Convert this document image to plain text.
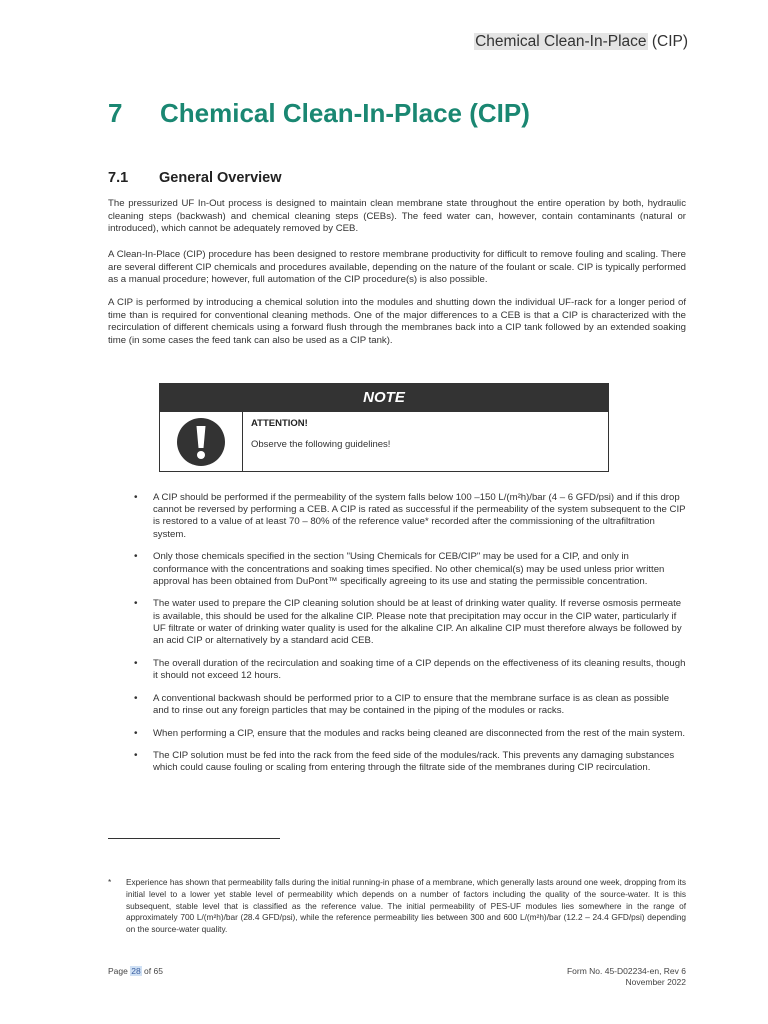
Chemical Clean-In-Place (CIP)
7	Chemical Clean-In-Place (CIP)
7.1	General Overview

The pressurized UF In-Out process is designed to maintain clean membrane state throughout the entire operation by both, hydraulic cleaning steps (backwash) and chemical cleaning steps (CEBs). The feed water can, however, contain contaminants (natural or introduced), which cannot be adequately removed by CEB.

A Clean-In-Place (CIP) procedure has been designed to restore membrane productivity for difficult to remove fouling and scaling. There are several different CIP chemicals and procedures available, depending on the nature of the foulant or scale. CIP is typically performed as a manual procedure; however, full automation of the CIP procedure(s) is also possible.

A CIP is performed by introducing a chemical solution into the modules and shutting down the individual UF-rack for a longer period of time than is required for conventional cleaning methods. One of the major differences to a CEB is that a CIP is characterized with the recirculation of different chemicals using a forward flush through the membranes back into a CIP tank followed by an extended soaking time (in some cases the feed tank can also be used as a CIP tank).

NOTE
ATTENTION!
Observe the following guidelines!
• A CIP should be performed if the permeability of the system falls below 100 –150 L/(m²h)/bar (4 – 6 GFD/psi) and if this drop cannot be reversed by performing a CEB. A CIP is rated as successful if the permeability of the system subsequent to the CIP is restored to a value of at least 70 – 80% of the reference value* recorded after the commissioning of the ultrafiltration system.
• Only those chemicals specified in the section "Using Chemicals for CEB/CIP" may be used for a CIP, and only in conformance with the concentrations and soaking times specified. No other chemical(s) may be used unless prior written approval has been obtained from DuPont™ specifically agreeing to its use and stating the permissible concentration.
• The water used to prepare the CIP cleaning solution should be at least of drinking water quality. If reverse osmosis permeate is available, this should be used for the alkaline CIP. Please note that precipitation may occur in the CIP water, particularly if UF filtrate or water of drinking water quality is used for the alkaline CIP. An alkaline CIP must therefore always be followed by an acid CIP or alternatively by a standard acid CEB.
• The overall duration of the recirculation and soaking time of a CIP depends on the effectiveness of its cleaning results, though it should not exceed 12 hours.
• A conventional backwash should be performed prior to a CIP to ensure that the membrane surface is as clean as possible and to rinse out any foreign particles that may be contained in the piping of the modules or racks.
• When performing a CIP, ensure that the modules and racks being cleaned are disconnected from the rest of the main system.
• The CIP solution must be fed into the rack from the feed side of the modules/rack. This prevents any damaging substances which could cause fouling or scaling from entering through the filtrate side of the membranes during CIP recirculation.
*	Experience has shown that permeability falls during the initial running-in phase of a membrane, which generally lasts around one week, dropping from its initial level to a lower yet stable level of permeability which depends on a number of factors including the quality of the source-water. It is this subsequent, stable level that is classified as the reference value. The initial permeability of PES-UF modules lies somewhere in the range of approximately 700 L/(m²h)/bar (28.4 GFD/psi), while the reference permeability lies between 300 and 600 L/(m²h)/bar (12.2 – 24.4 GFD/psi) depending on the source-water quality.
Page 28 of 65	Form No. 45-D02234-en, Rev 6
November 2022
